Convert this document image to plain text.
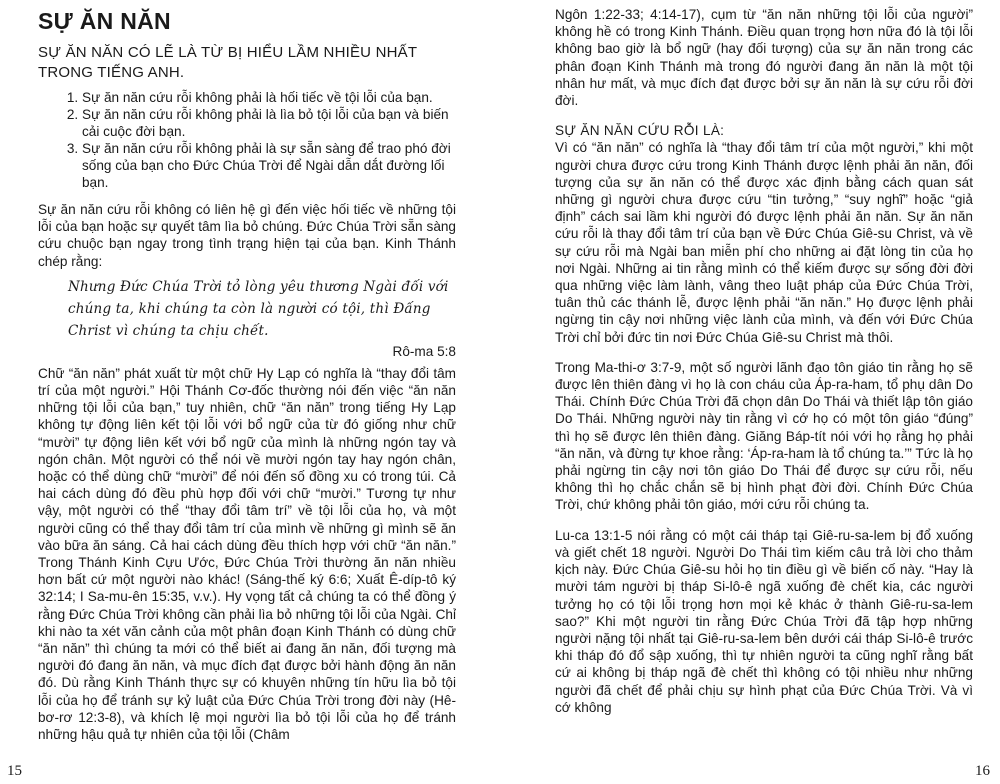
SỰ ĂN NĂN
SỰ ĂN NĂN CÓ LẼ LÀ TỪ BỊ HIỂU LẦM NHIỀU NHẤT TRONG TIẾNG ANH.
1. Sự ăn năn cứu rỗi không phải là hối tiếc về tội lỗi của bạn.
2. Sự ăn năn cứu rỗi không phải là lìa bỏ tội lỗi của bạn và biến cải cuộc đời bạn.
3. Sự ăn năn cứu rỗi không phải là sự sẵn sàng để trao phó đời sống của bạn cho Đức Chúa Trời để Ngài dẫn dắt đường lối bạn.

Sự ăn năn cứu rỗi không có liên hệ gì đến việc hối tiếc về những tội lỗi của bạn hoặc sự quyết tâm lìa bỏ chúng. Đức Chúa Trời sẵn sàng cứu chuộc bạn ngay trong tình trạng hiện tại của bạn. Kinh Thánh chép rằng:

Nhưng Đức Chúa Trời tỏ lòng yêu thương Ngài đối với chúng ta, khi chúng ta còn là người có tội, thì Đấng Christ vì chúng ta chịu chết.
Rô-ma 5:8

Chữ “ăn năn” phát xuất từ một chữ Hy Lạp có nghĩa là “thay đổi tâm trí của một người.” Hội Thánh Cơ-đốc thường nói đến việc “ăn năn những tội lỗi của bạn,” tuy nhiên, chữ “ăn năn” trong tiếng Hy Lạp không tự động liên kết tội lỗi với bổ ngữ của từ đó giống như chữ “mười” tự động liên kết với bổ ngữ của mình là những ngón tay và ngón chân. Một người có thể nói về mười ngón tay hay ngón chân, hoặc có thể dùng chữ “mười” để nói đến số đồng xu có trong túi. Cả hai cách dùng đó đều phù hợp đối với chữ “mười.” Tương tự như vậy, một người có thể “thay đổi tâm trí” về tội lỗi của họ, và một người cũng có thể thay đổi tâm trí của mình về những gì mình sẽ ăn vào bữa ăn sáng. Cả hai cách dùng đều thích hợp với chữ “ăn năn.” Trong Thánh Kinh Cựu Ước, Đức Chúa Trời thường ăn năn nhiều hơn bất cứ một người nào khác! (Sáng-thế ký 6:6; Xuất Ê-díp-tô ký 32:14; I Sa-mu-ên 15:35, v.v.). Hy vọng tất cả chúng ta có thể đồng ý rằng Đức Chúa Trời không cần phải lìa bỏ những tội lỗi của Ngài. Chỉ khi nào ta xét văn cảnh của một phân đoạn Kinh Thánh có dùng chữ “ăn năn” thì chúng ta mới có thể biết ai đang ăn năn, đối tượng mà người đó đang ăn năn, và mục đích đạt được bởi hành động ăn năn đó. Dù rằng Kinh Thánh thực sự có khuyên những tín hữu lìa bỏ tội lỗi của họ để tránh sự kỷ luật của Đức Chúa Trời trong đời này (Hê-bơ-rơ 12:3-8), và khích lệ mọi người lìa bỏ tội lỗi của họ để tránh những hậu quả tự nhiên của tội lỗi (Châm

15

Ngôn 1:22-33; 4:14-17), cụm từ “ăn năn những tội lỗi của người” không hề có trong Kinh Thánh. Điều quan trọng hơn nữa đó là tội lỗi không bao giờ là bổ ngữ (hay đối tượng) của sự ăn năn trong các phân đoạn Kinh Thánh mà trong đó người đang ăn năn là một tội nhân hư mất, và mục đích đạt được bởi sự ăn năn là sự cứu rỗi đời đời.

SỰ ĂN NĂN CỨU RỖI LÀ:

Vì có “ăn năn” có nghĩa là “thay đổi tâm trí của một người,” khi một người chưa được cứu trong Kinh Thánh được lệnh phải ăn năn, đối tượng của sự ăn năn có thể được xác định bằng cách quan sát những gì người chưa được cứu “tin tưởng,” “suy nghĩ” hoặc “giả định” cách sai lầm khi người đó được lệnh phải ăn năn. Sự ăn năn cứu rỗi là thay đổi tâm trí của bạn về Đức Chúa Giê-su Christ, và về sự cứu rỗi mà Ngài ban miễn phí cho những ai đặt lòng tin của họ nơi Ngài. Những ai tin rằng mình có thể kiếm được sự sống đời đời qua những việc làm lành, vâng theo luật pháp của Đức Chúa Trời, tuân thủ các thánh lễ, được lệnh phải “ăn năn.” Họ được lệnh phải ngừng tin cậy nơi những việc lành của mình, và đến với Đức Chúa Trời chỉ bởi đức tin nơi Đức Chúa Giê-su Christ mà thôi.

Trong Ma-thi-ơ 3:7-9, một số người lãnh đạo tôn giáo tin rằng họ sẽ được lên thiên đàng vì họ là con cháu của Áp-ra-ham, tổ phụ dân Do Thái. Chính Đức Chúa Trời đã chọn dân Do Thái và thiết lập tôn giáo Do Thái. Những người này tin rằng vì cớ họ có một tôn giáo “đúng” thì họ sẽ được lên thiên đàng. Giăng Báp-tít nói với họ rằng họ phải “ăn năn, và đừng tự khoe rằng: ‘Áp-ra-ham là tổ chúng ta.’” Tức là họ phải ngừng tin cậy nơi tôn giáo Do Thái để được sự cứu rỗi, nếu không thì họ chắc chắn sẽ bị hình phạt đời đời. Chính Đức Chúa Trời, chứ không phải tôn giáo, mới cứu rỗi chúng ta.

Lu-ca 13:1-5 nói rằng có một cái tháp tại Giê-ru-sa-lem bị đổ xuống và giết chết 18 người. Người Do Thái tìm kiếm câu trả lời cho thảm kịch này. Đức Chúa Giê-su hỏi họ tin điều gì về biến cố này. “Hay là mười tám người bị tháp Si-lô-ê ngã xuống đè chết kia, các người tưởng họ có tội lỗi trọng hơn mọi kẻ khác ở thành Giê-ru-sa-lem sao?” Khi một người tin rằng Đức Chúa Trời đã tập hợp những người nặng tội nhất tại Giê-ru-sa-lem bên dưới cái tháp Si-lô-ê trước khi tháp đó đổ sập xuống, thì tự nhiên người ta cũng nghĩ rằng bất cứ ai không bị tháp ngã đè chết thì không có tội nhiều như những người đã chết để phải chịu sự hình phạt của Đức Chúa Trời. Và vì cớ không

16
